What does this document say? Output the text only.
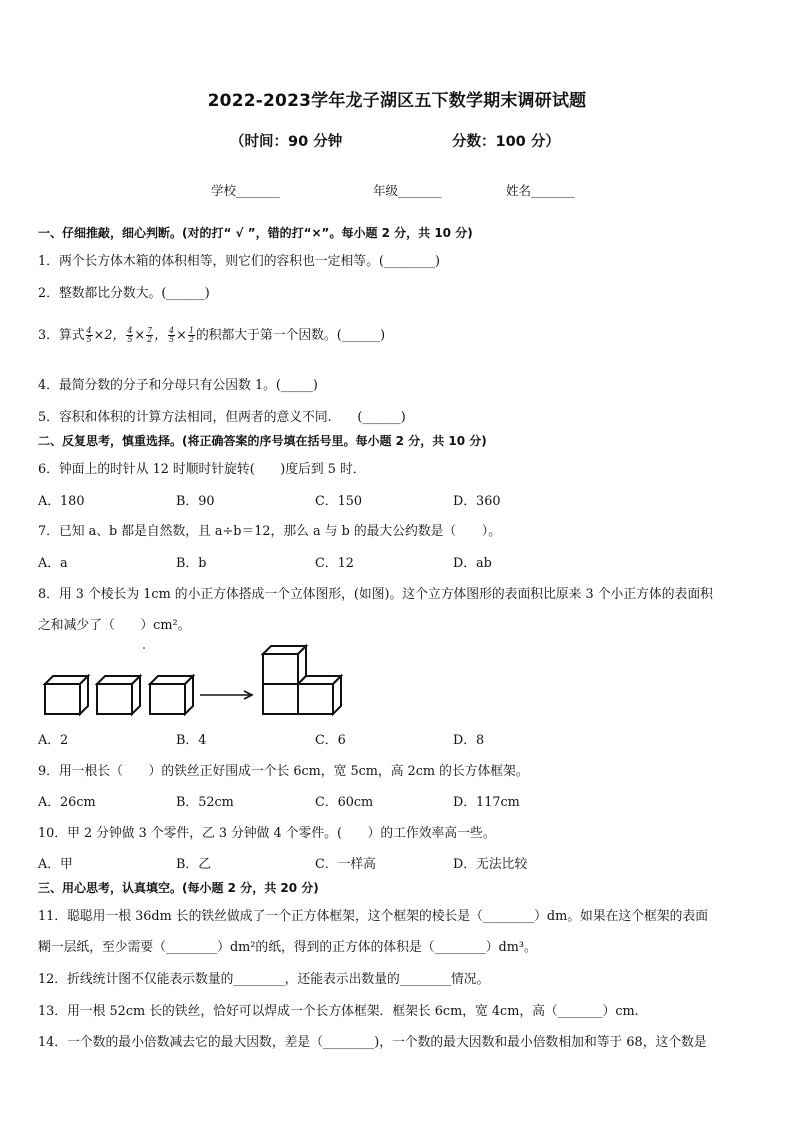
2022-2023学年龙子湖区五下数学期末调研试题
（时间：90 分钟	分数：100 分）
学校_______	年级_______	姓名_______
一、仔细推敲，细心判断。(对的打“ √ ”，错的打“×”。每小题 2 分，共 10 分)
1．两个长方体木箱的体积相等，则它们的容积也一定相等。(________)
2．整数都比分数大。(______)
3．算式 $\frac{4}{5} \times 2$， $\frac{4}{5} \times \frac{7}{2}$ ， $\frac{4}{5} \times \frac{1}{2}$ 的积都大于第一个因数。(______)
4．最简分数的分子和分母只有公因数 1。(_____)
5．容积和体积的计算方法相同，但两者的意义不同.　　(______)
二、反复思考，慎重选择。(将正确答案的序号填在括号里。每小题 2 分，共 10 分)
6．钟面上的时针从 12 时顺时针旋转(　　)度后到 5 时．
A．180	B．90	C．150	D．360
7．已知 a、b 都是自然数，且 a÷b＝12，那么 a 与 b 的最大公约数是（　　）。
A．a	B．b	C．12	D．ab
8．用 3 个棱长为 1cm 的小正方体搭成一个立体图形，(如图)。这个立方体图形的表面积比原来 3 个小正方体的表面积
之和减少了（　　）cm²。
A．2	B．4	C．6	D．8
9．用一根长（　　）的铁丝正好围成一个长 6cm，宽 5cm，高 2cm 的长方体框架。
A．26cm	B．52cm	C．60cm	D．117cm
10．甲 2 分钟做 3 个零件，乙 3 分钟做 4 个零件。(　　）的工作效率高一些。
A．甲	B．乙	C．一样高	D．无法比较
三、用心思考，认真填空。(每小题 2 分，共 20 分)
11．聪聪用一根 36dm 长的铁丝做成了一个正方体框架，这个框架的棱长是（________）dm。如果在这个框架的表面
糊一层纸，至少需要（________）dm²的纸，得到的正方体的体积是（________）dm³。
12．折线统计图不仅能表示数量的________，还能表示出数量的________情况。
13．用一根 52cm 长的铁丝，恰好可以焊成一个长方体框架．框架长 6cm，宽 4cm，高（_______）cm.
14．一个数的最小倍数减去它的最大因数，差是（________)，一个数的最大因数和最小倍数相加和等于 68，这个数是
